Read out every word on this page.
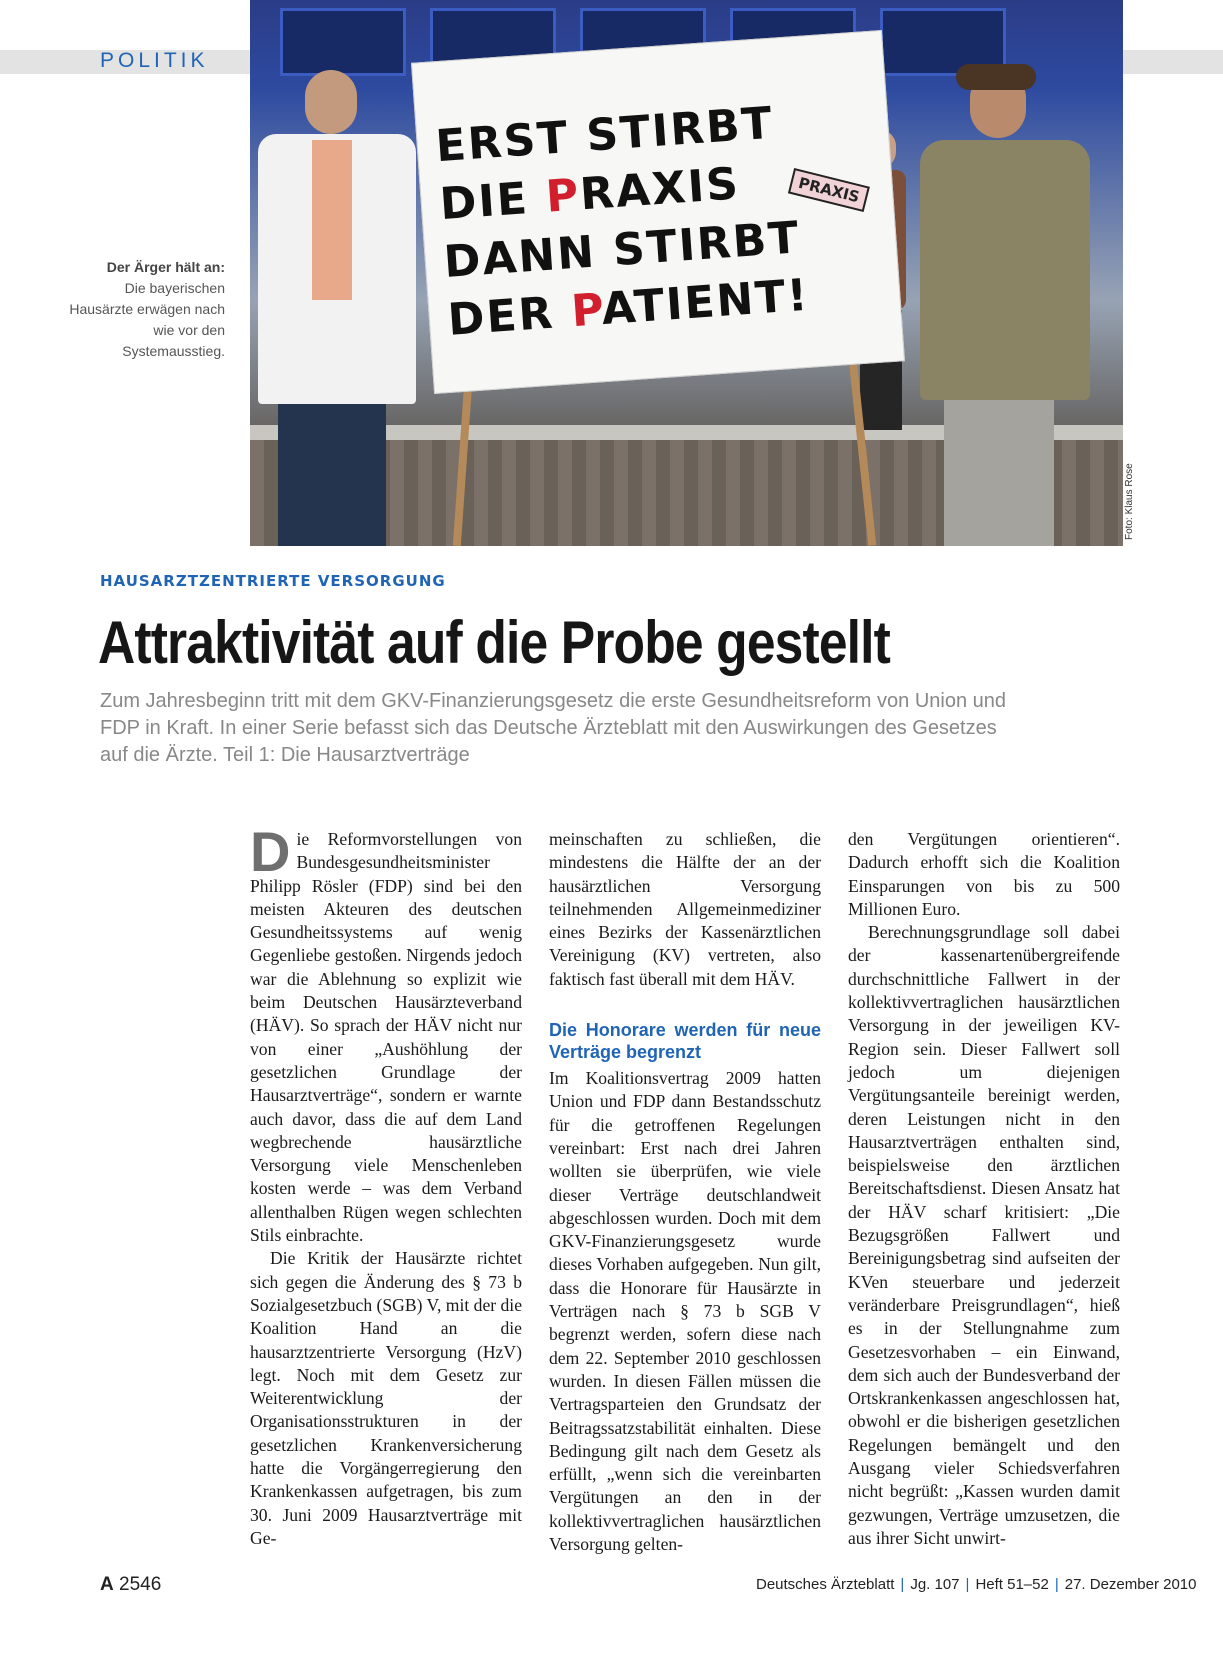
POLITIK
ERST STIRBT
DIE PRAXIS
DANN STIRBT
DER PATIENT!
PRAXIS
Foto: Klaus Rose
Der Ärger hält an:
Die bayerischen Hausärzte erwägen nach wie vor den Systemausstieg.
HAUSARZTZENTRIERTE VERSORGUNG
Attraktivität auf die Probe gestellt
Zum Jahresbeginn tritt mit dem GKV-Finanzierungsgesetz die erste Gesundheitsreform von Union und FDP in Kraft. In einer Serie befasst sich das Deutsche Ärzteblatt mit den Auswirkungen des Gesetzes auf die Ärzte. Teil 1: Die Hausarztverträge

Die Reformvorstellungen von Bundesgesundheitsminister Philipp Rösler (FDP) sind bei den meisten Akteuren des deutschen Gesundheitssystems auf wenig Gegenliebe gestoßen. Nirgends jedoch war die Ablehnung so explizit wie beim Deutschen Hausärzteverband (HÄV). So sprach der HÄV nicht nur von einer „Aushöhlung der gesetzlichen Grundlage der Hausarztverträge“, sondern er warnte auch davor, dass die auf dem Land wegbrechende hausärztliche Versorgung viele Menschenleben kosten werde – was dem Verband allenthalben Rügen wegen schlechten Stils einbrachte.

Die Kritik der Hausärzte richtet sich gegen die Änderung des § 73 b Sozialgesetzbuch (SGB) V, mit der die Koalition Hand an die hausarztzentrierte Versorgung (HzV) legt. Noch mit dem Gesetz zur Weiterentwicklung der Organisationsstrukturen in der gesetzlichen Krankenversicherung hatte die Vorgängerregierung den Krankenkassen aufgetragen, bis zum 30. Juni 2009 Hausarztverträge mit Ge-

meinschaften zu schließen, die mindestens die Hälfte der an der hausärztlichen Versorgung teilnehmenden Allgemeinmediziner eines Bezirks der Kassenärztlichen Vereinigung (KV) vertreten, also faktisch fast überall mit dem HÄV.

Die Honorare werden für neue Verträge begrenzt

Im Koalitionsvertrag 2009 hatten Union und FDP dann Bestandsschutz für die getroffenen Regelungen vereinbart: Erst nach drei Jahren wollten sie überprüfen, wie viele dieser Verträge deutschlandweit abgeschlossen wurden. Doch mit dem GKV-Finanzierungsgesetz wurde dieses Vorhaben aufgegeben. Nun gilt, dass die Honorare für Hausärzte in Verträgen nach § 73 b SGB V begrenzt werden, sofern diese nach dem 22. September 2010 geschlossen wurden. In diesen Fällen müssen die Vertragsparteien den Grundsatz der Beitragssatzstabilität einhalten. Diese Bedingung gilt nach dem Gesetz als erfüllt, „wenn sich die vereinbarten Vergütungen an den in der kollektivvertraglichen hausärztlichen Versorgung gelten-

den Vergütungen orientieren“. Dadurch erhofft sich die Koalition Einsparungen von bis zu 500 Millionen Euro.

Berechnungsgrundlage soll dabei der kassenartenübergreifende durchschnittliche Fallwert in der kollektivvertraglichen hausärztlichen Versorgung in der jeweiligen KV-Region sein. Dieser Fallwert soll jedoch um diejenigen Vergütungsanteile bereinigt werden, deren Leistungen nicht in den Hausarztverträgen enthalten sind, beispielsweise den ärztlichen Bereitschaftsdienst. Diesen Ansatz hat der HÄV scharf kritisiert: „Die Bezugsgrößen Fallwert und Bereinigungsbetrag sind aufseiten der KVen steuerbare und jederzeit veränderbare Preisgrundlagen“, hieß es in der Stellungnahme zum Gesetzesvorhaben – ein Einwand, dem sich auch der Bundesverband der Ortskrankenkassen angeschlossen hat, obwohl er die bisherigen gesetzlichen Regelungen bemängelt und den Ausgang vieler Schiedsverfahren nicht begrüßt: „Kassen wurden damit gezwungen, Verträge umzusetzen, die aus ihrer Sicht unwirt-

A 2546	Deutsches Ärzteblatt | Jg. 107 | Heft 51–52 | 27. Dezember 2010
